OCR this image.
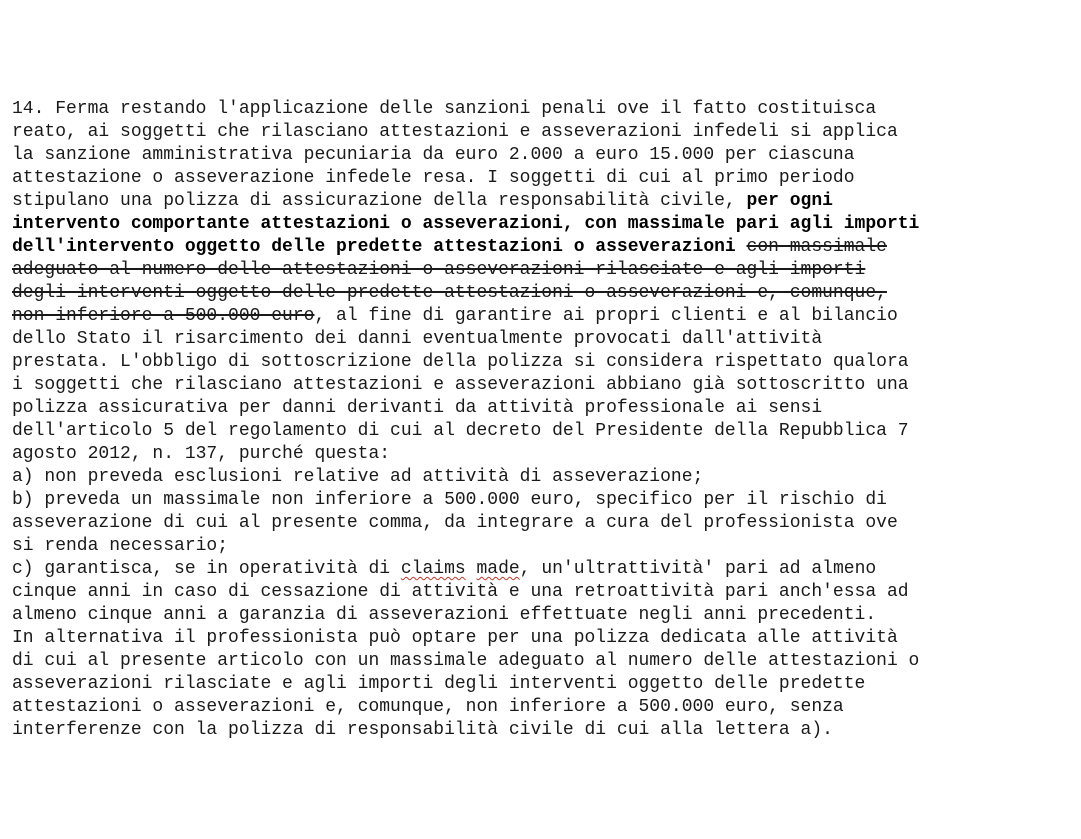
14. Ferma restando l'applicazione delle sanzioni penali ove il fatto costituisca
reato, ai soggetti che rilasciano attestazioni e asseverazioni infedeli si applica
la sanzione amministrativa pecuniaria da euro 2.000 a euro 15.000 per ciascuna
attestazione o asseverazione infedele resa. I soggetti di cui al primo periodo
stipulano una polizza di assicurazione della responsabilità civile, per ogni
intervento comportante attestazioni o asseverazioni, con massimale pari agli importi
dell'intervento oggetto delle predette attestazioni o asseverazioni con massimale
adeguato al numero delle attestazioni o asseverazioni rilasciate e agli importi
degli interventi oggetto delle predette attestazioni o asseverazioni e, comunque,
non inferiore a 500.000 euro, al fine di garantire ai propri clienti e al bilancio
dello Stato il risarcimento dei danni eventualmente provocati dall'attività
prestata. L'obbligo di sottoscrizione della polizza si considera rispettato qualora
i soggetti che rilasciano attestazioni e asseverazioni abbiano già sottoscritto una
polizza assicurativa per danni derivanti da attività professionale ai sensi
dell'articolo 5 del regolamento di cui al decreto del Presidente della Repubblica 7
agosto 2012, n. 137, purché questa:
a) non preveda esclusioni relative ad attività di asseverazione;
b) preveda un massimale non inferiore a 500.000 euro, specifico per il rischio di
asseverazione di cui al presente comma, da integrare a cura del professionista ove
si renda necessario;
c) garantisca, se in operatività di claims made, un'ultrattività' pari ad almeno
cinque anni in caso di cessazione di attività e una retroattività pari anch'essa ad
almeno cinque anni a garanzia di asseverazioni effettuate negli anni precedenti.
In alternativa il professionista può optare per una polizza dedicata alle attività
di cui al presente articolo con un massimale adeguato al numero delle attestazioni o
asseverazioni rilasciate e agli importi degli interventi oggetto delle predette
attestazioni o asseverazioni e, comunque, non inferiore a 500.000 euro, senza
interferenze con la polizza di responsabilità civile di cui alla lettera a).
